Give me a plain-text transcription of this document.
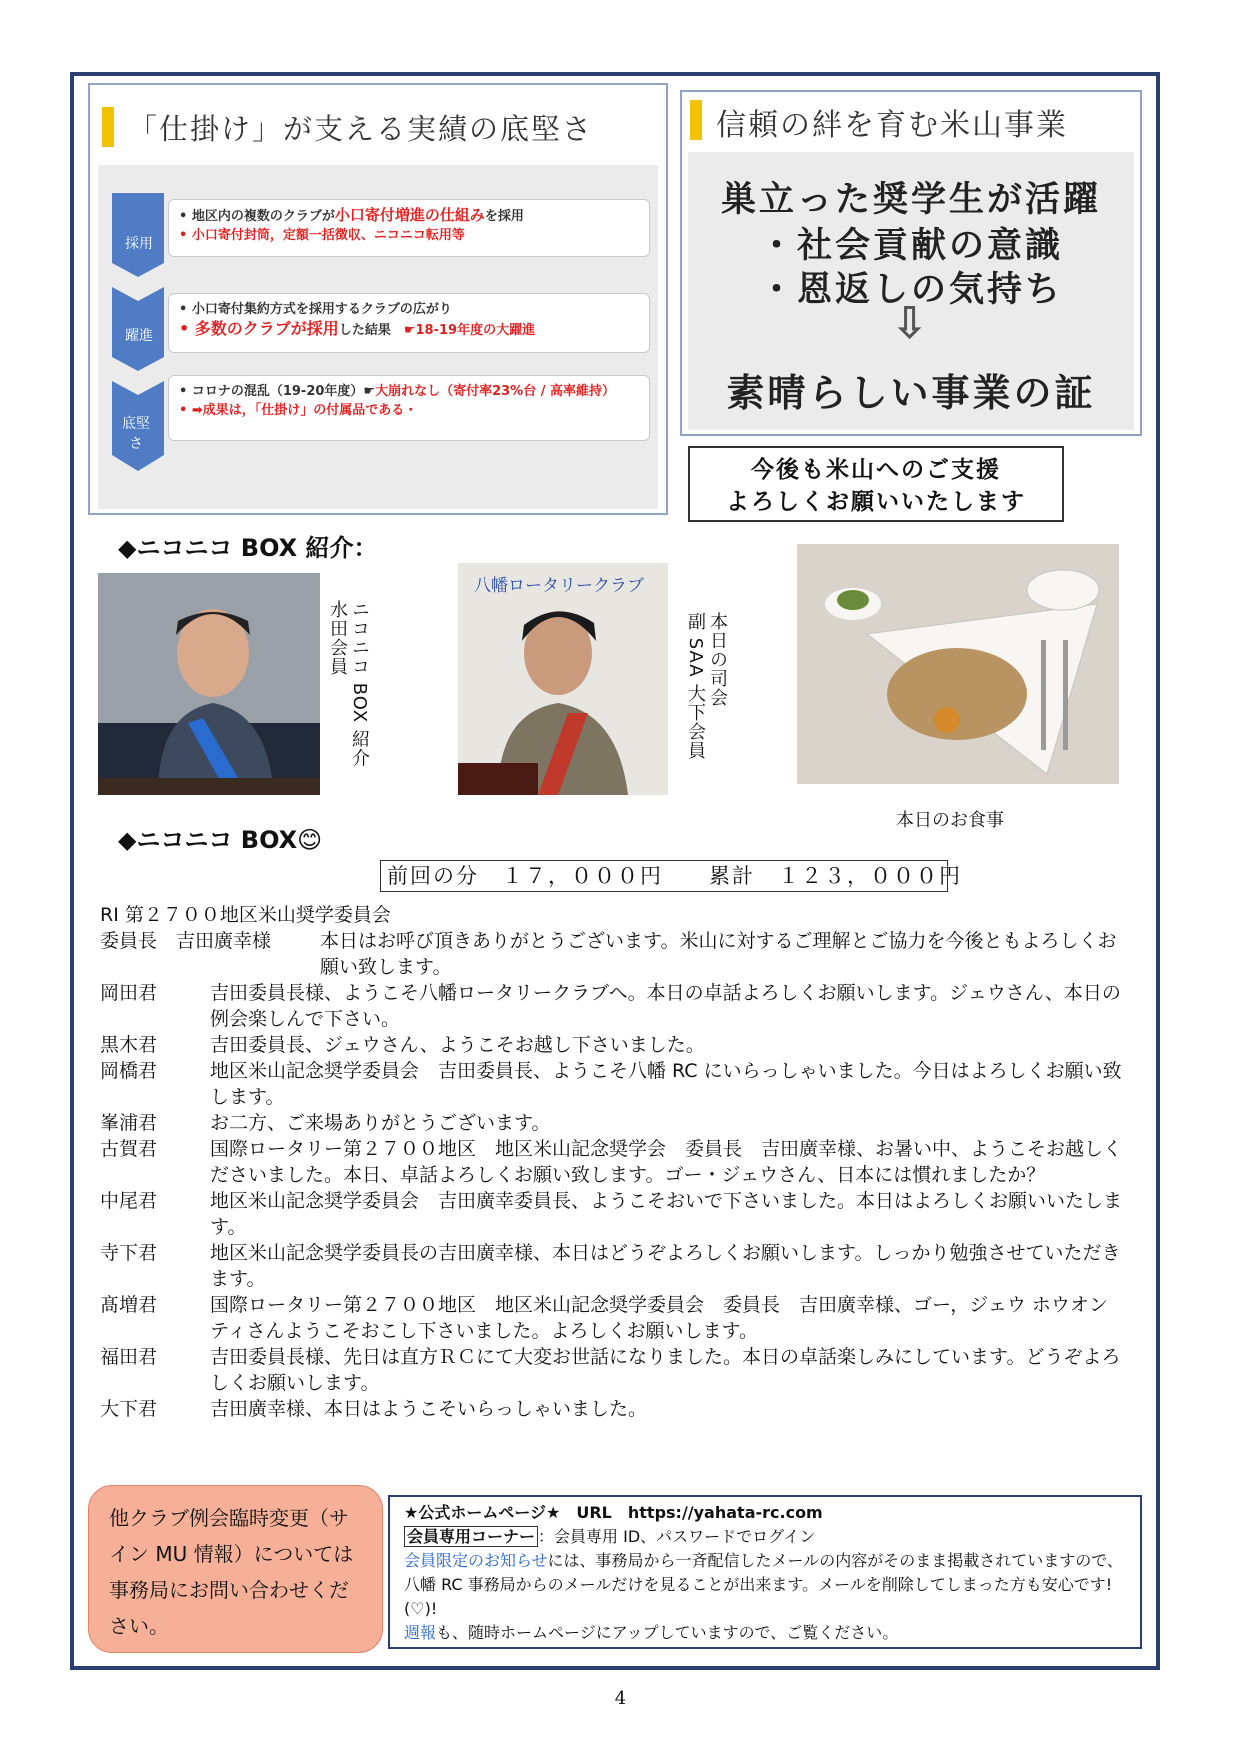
「仕掛け」が支える実績の底堅さ
採用
躍進
底堅さ
• 地区内の複数のクラブが小口寄付増進の仕組みを採用
• 小口寄付封筒，定額一括徴収、ニコニコ転用等
• 小口寄付集約方式を採用するクラブの広がり
• 多数のクラブが採用した結果　 ☛18-19年度の大躍進
• コロナの混乱（19-20年度）☛大崩れなし（寄付率23%台 / 高率維持）
• ➡成果は，「仕掛け」の付属品である・
信頼の絆を育む米山事業
巣立った奨学生が活躍
・社会貢献の意識
・恩返しの気持ち
⇩
素晴らしい事業の証
今後も米山へのご支援
よろしくお願いいたします
◆ニコニコ BOX 紹介：
ニコニコ BOX 紹介
水田会員
八幡ロータリークラブ
本日の司会
副 SAA 大下会員
本日のお食事
◆ニコニコ BOX😊
前回の分　１７，０００円　　累計　１２３，０００円
RI 第２７００地区米山奨学委員会
委員長　吉田廣幸様	本日はお呼び頂きありがとうございます。米山に対するご理解とご協力を今後ともよろしくお願い致します。
岡田君	吉田委員長様、ようこそ八幡ロータリークラブへ。本日の卓話よろしくお願いします。ジェウさん、本日の例会楽しんで下さい。
黒木君	吉田委員長、ジェウさん、ようこそお越し下さいました。
岡橋君	地区米山記念奨学委員会　吉田委員長、ようこそ八幡 RC にいらっしゃいました。今日はよろしくお願い致します。
峯浦君	お二方、ご来場ありがとうございます。
古賀君	国際ロータリー第２７００地区　地区米山記念奨学会　委員長　吉田廣幸様、お暑い中、ようこそお越しくださいました。本日、卓話よろしくお願い致します。ゴー・ジェウさん、日本には慣れましたか？
中尾君	地区米山記念奨学委員会　吉田廣幸委員長、ようこそおいで下さいました。本日はよろしくお願いいたします。
寺下君	地区米山記念奨学委員長の吉田廣幸様、本日はどうぞよろしくお願いします。しっかり勉強させていただきます。
髙増君	国際ロータリー第２７００地区　地区米山記念奨学委員会　委員長　吉田廣幸様、ゴー，ジェウ ホウオン ティさんようこそおこし下さいました。よろしくお願いします。
福田君	吉田委員長様、先日は直方ＲＣにて大変お世話になりました。本日の卓話楽しみにしています。どうぞよろしくお願いします。
大下君	吉田廣幸様、本日はようこそいらっしゃいました。
他クラブ例会臨時変更（サイン MU 情報）については事務局にお問い合わせください。
★公式ホームページ★　URL　https://yahata-rc.com
会員専用コーナー ：会員専用 ID、パスワードでログイン
会員限定のお知らせには、事務局から一斉配信したメールの内容がそのまま掲載されていますので、八幡 RC 事務局からのメールだけを見ることが出来ます。メールを削除してしまった方も安心です!(♡)!
週報も、随時ホームページにアップしていますので、ご覧ください。
4
